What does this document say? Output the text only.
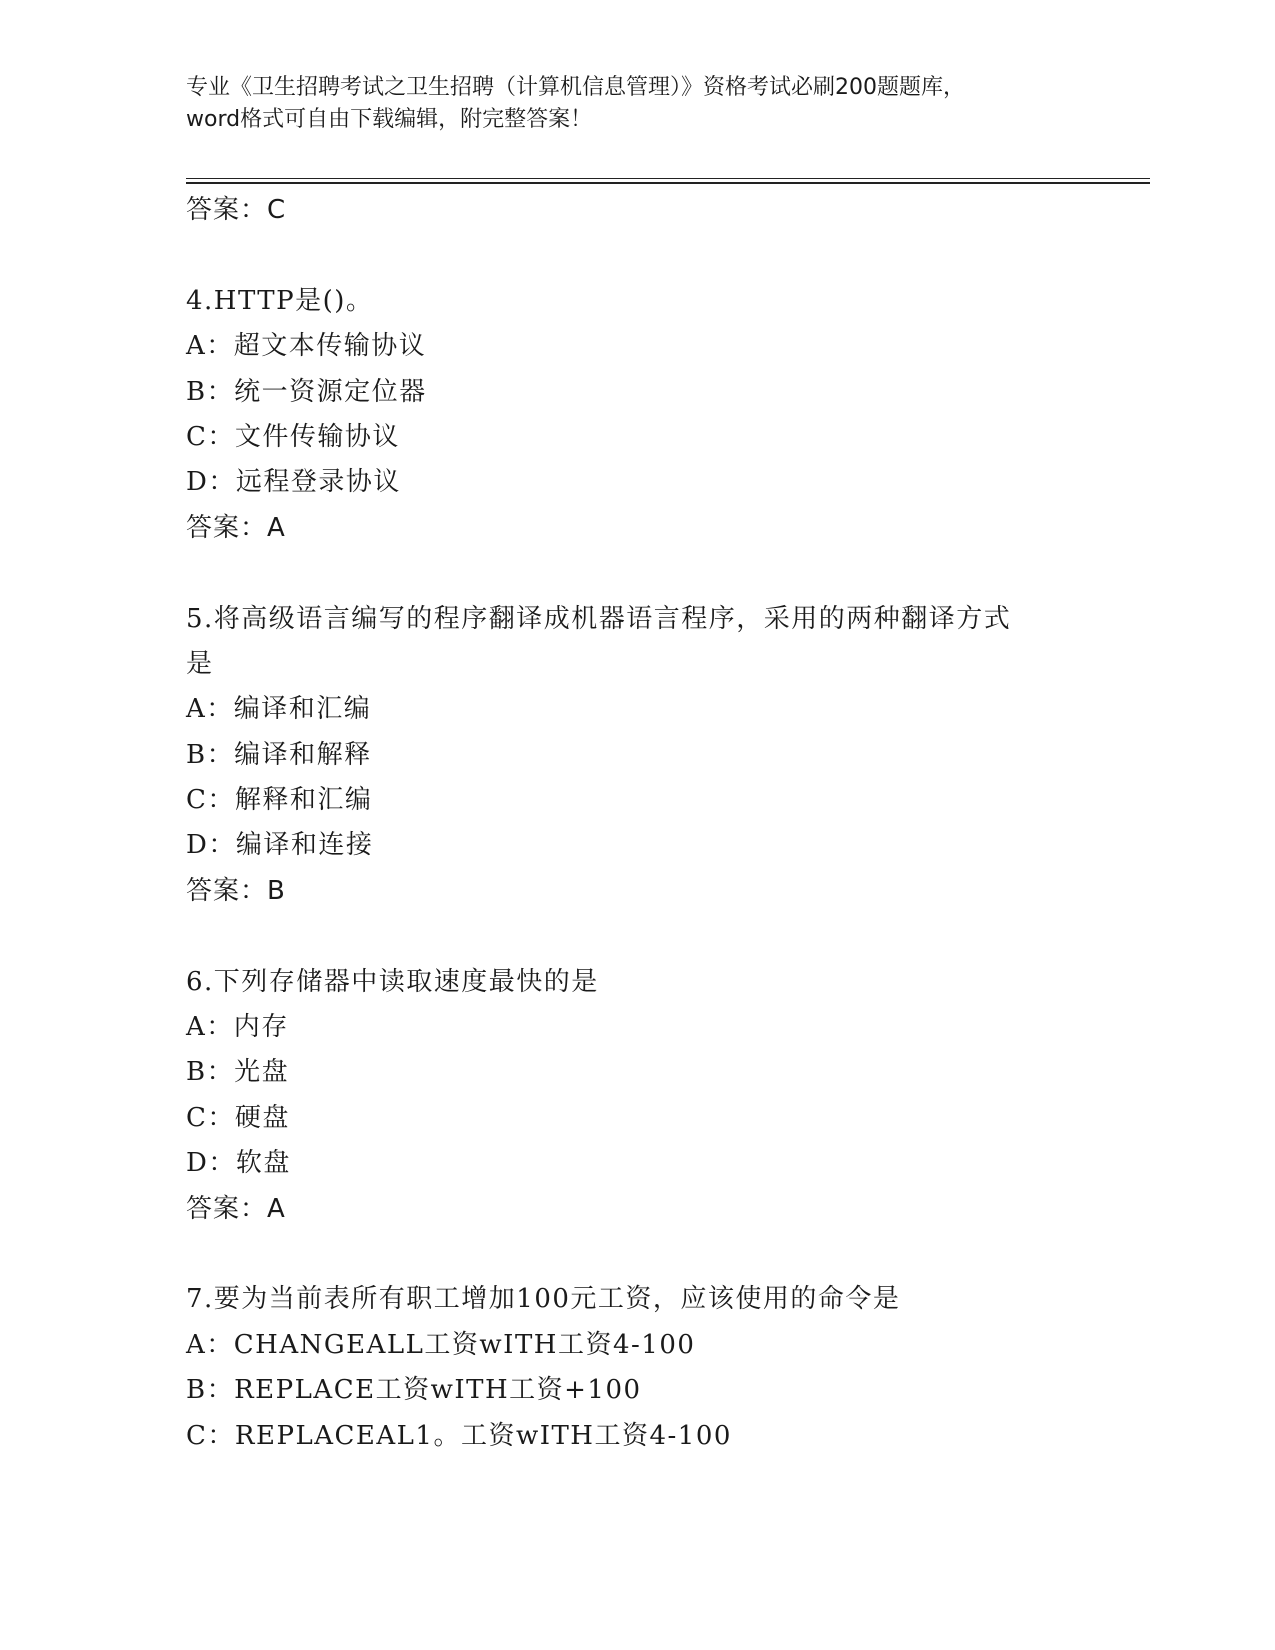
专业《卫生招聘考试之卫生招聘（计算机信息管理）》资格考试必刷200题题库，
word格式可自由下载编辑，附完整答案！
答案：C
4.HTTP是()。
A：超文本传输协议
B：统一资源定位器
C：文件传输协议
D：远程登录协议
答案：A
5.将高级语言编写的程序翻译成机器语言程序，采用的两种翻译方式
是
A：编译和汇编
B：编译和解释
C：解释和汇编
D：编译和连接
答案：B
6.下列存储器中读取速度最快的是
A：内存
B：光盘
C：硬盘
D：软盘
答案：A
7.要为当前表所有职工增加100元工资，应该使用的命令是
A：CHANGEALL工资wITH工资4-100
B：REPLACE工资wITH工资+100
C：REPLACEAL1。工资wITH工资4-100
